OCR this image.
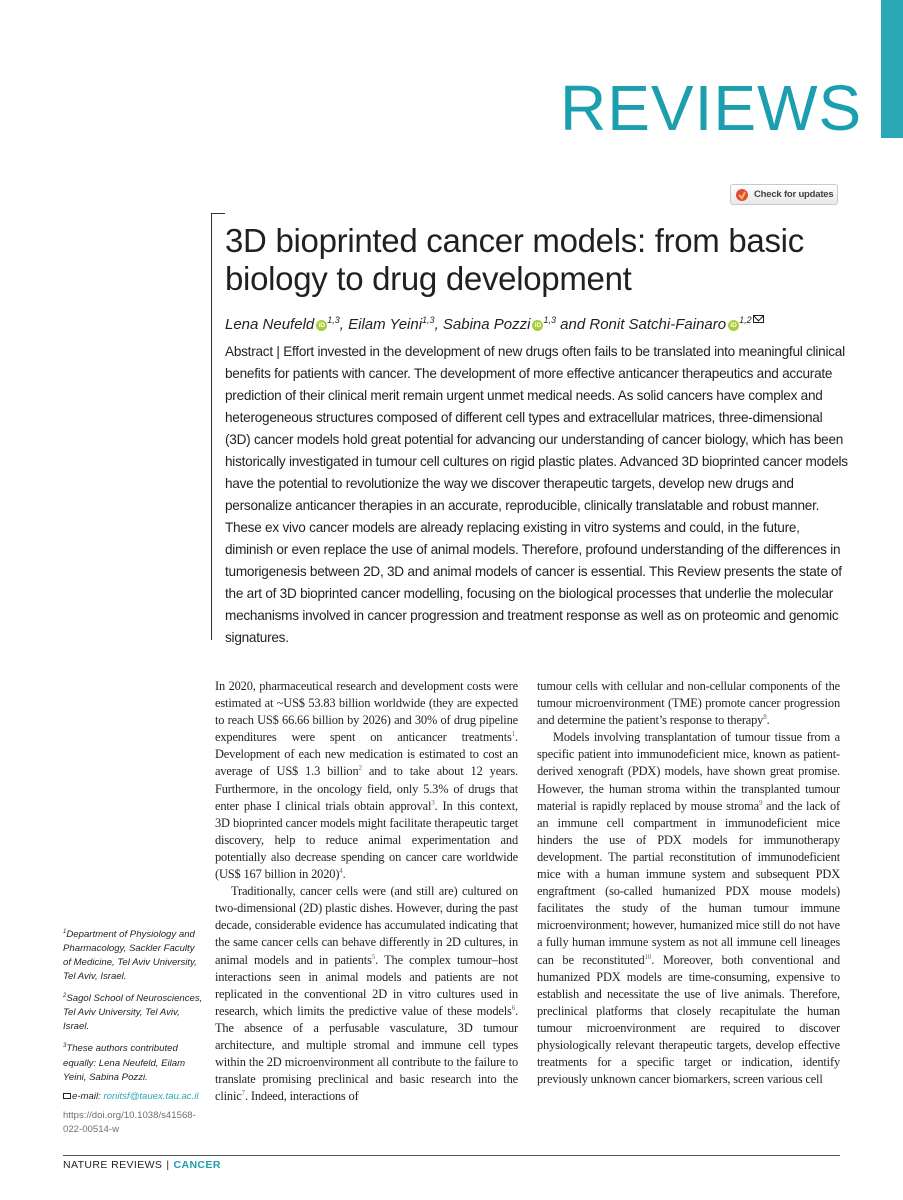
REVIEWS
Check for updates
3D bioprinted cancer models: from basic biology to drug development
Lena Neufeld iD$^{1,3}$, Eilam Yeini$^{1,3}$, Sabina Pozzi iD$^{1,3}$ and Ronit Satchi-Fainaro iD$^{1,2}$

Abstract | Effort invested in the development of new drugs often fails to be translated into meaningful clinical benefits for patients with cancer. The development of more effective anticancer therapeutics and accurate prediction of their clinical merit remain urgent unmet medical needs. As solid cancers have complex and heterogeneous structures composed of different cell types and extracellular matrices, three-dimensional (3D) cancer models hold great potential for advancing our understanding of cancer biology, which has been historically investigated in tumour cell cultures on rigid plastic plates. Advanced 3D bioprinted cancer models have the potential to revolutionize the way we discover therapeutic targets, develop new drugs and personalize anticancer therapies in an accurate, reproducible, clinically translatable and robust manner. These ex vivo cancer models are already replacing existing in vitro systems and could, in the future, diminish or even replace the use of animal models. Therefore, profound understanding of the differences in tumorigenesis between 2D, 3D and animal models of cancer is essential. This Review presents the state of the art of 3D bioprinted cancer modelling, focusing on the biological processes that underlie the molecular mechanisms involved in cancer progression and treatment response as well as on proteomic and genomic signatures.

In 2020, pharmaceutical research and development costs were estimated at ~US$ 53.83 billion worldwide (they are expected to reach US$ 66.66 billion by 2026) and 30% of drug pipeline expenditures were spent on anticancer treatments$^1$. Development of each new medication is estimated to cost an average of US$ 1.3 billion$^2$ and to take about 12 years. Furthermore, in the oncology field, only 5.3% of drugs that enter phase I clinical trials obtain approval$^3$. In this context, 3D bioprinted cancer models might facilitate therapeutic target discovery, help to reduce animal experimentation and potentially also decrease spending on cancer care worldwide (US$ 167 billion in 2020)$^4$.

Traditionally, cancer cells were (and still are) cultured on two-dimensional (2D) plastic dishes. However, during the past decade, considerable evidence has accumulated indicating that the same cancer cells can behave differently in 2D cultures, in animal models and in patients$^5$. The complex tumour–host interactions seen in animal models and patients are not replicated in the conventional 2D in vitro cultures used in research, which limits the predictive value of these models$^6$. The absence of a perfusable vasculature, 3D tumour architecture, and multiple stromal and immune cell types within the 2D microenvironment all contribute to the failure to translate promising preclinical and basic research into the clinic$^7$. Indeed, interactions of

tumour cells with cellular and non-cellular components of the tumour microenvironment (TME) promote cancer progression and determine the patient’s response to therapy$^8$.

Models involving transplantation of tumour tissue from a specific patient into immunodeficient mice, known as patient-derived xenograft (PDX) models, have shown great promise. However, the human stroma within the transplanted tumour material is rapidly replaced by mouse stroma$^9$ and the lack of an immune cell compartment in immunodeficient mice hinders the use of PDX models for immunotherapy development. The partial reconstitution of immunodeficient mice with a human immune system and subsequent PDX engraftment (so-called humanized PDX mouse models) facilitates the study of the human tumour immune microenvironment; however, humanized mice still do not have a fully human immune system as not all immune cell lineages can be reconstituted$^{10}$. Moreover, both conventional and humanized PDX models are time-consuming, expensive to establish and necessitate the use of live animals. Therefore, preclinical platforms that closely recapitulate the human tumour microenvironment are required to discover physiologically relevant therapeutic targets, develop effective treatments for a specific target or indication, identify previously unknown cancer biomarkers, screen various cell

$^1$Department of Physiology and Pharmacology, Sackler Faculty of Medicine, Tel Aviv University, Tel Aviv, Israel.

$^2$Sagol School of Neurosciences, Tel Aviv University, Tel Aviv, Israel.

$^3$These authors contributed equally: Lena Neufeld, Eilam Yeini, Sabina Pozzi.

e-mail: ronitsf@tauex.tau.ac.il

https://doi.org/10.1038/s41568-022-00514-w

NATURE REVIEWS | CANCER
